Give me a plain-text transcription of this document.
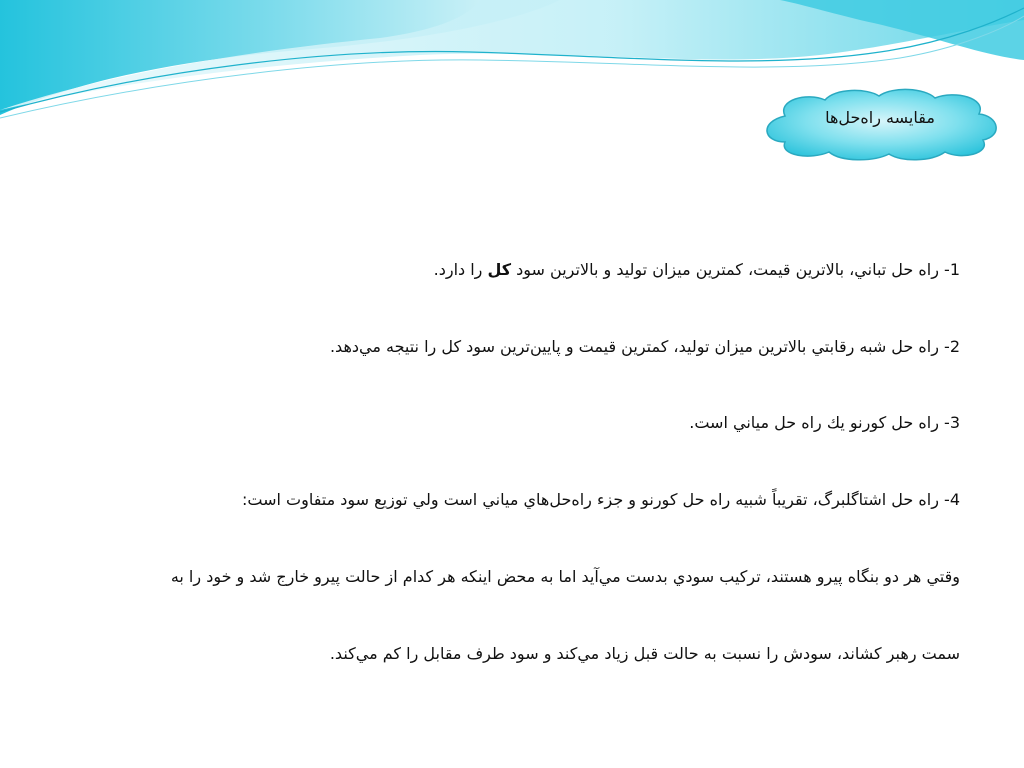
مقايسه راه‌حل‌ها
1- راه حل تباني، بالاترين قيمت، كمترين ميزان توليد و بالاترين سود كل را دارد.
2- راه حل شبه رقابتي بالاترين ميزان توليد، كمترين قيمت و پايين‌ترين سود كل را نتيجه مي‌دهد.
3- راه حل كورنو يك راه حل مياني است.
4- راه حل اشتاگلبرگ، تقريباً شبيه راه حل كورنو و جزء راه‌حل‌هاي مياني است ولي توزيع سود متفاوت است:
وقتي هر دو بنگاه پيرو هستند، تركيب سودي بدست مي‌آيد اما به محض اينكه هر كدام از حالت پيرو خارج شد و خود را به
سمت رهبر كشاند، سودش را نسبت به حالت قبل زياد مي‌كند و سود طرف مقابل را كم مي‌كند.
